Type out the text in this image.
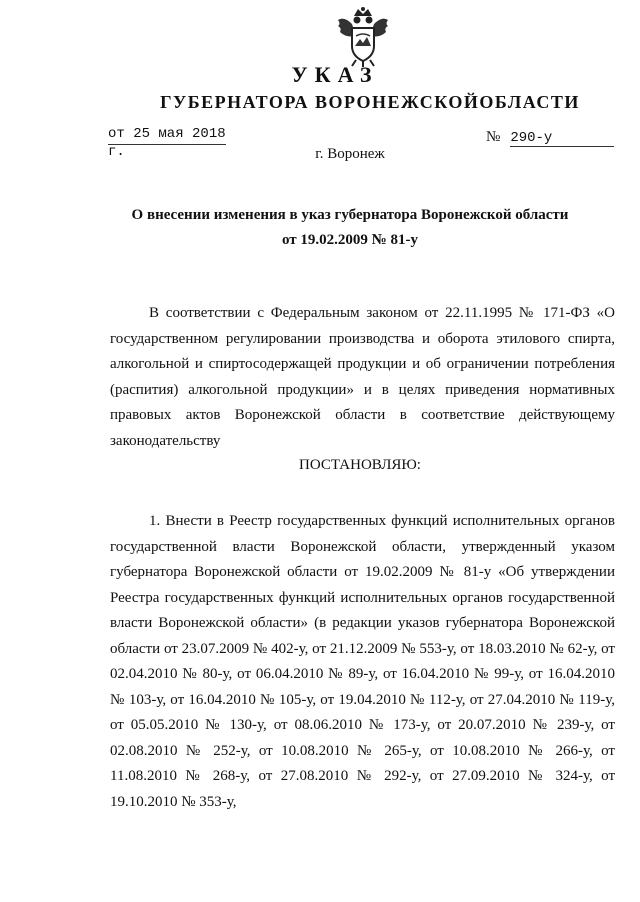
УКАЗ
ГУБЕРНАТОРА ВОРОНЕЖСКОЙОБЛАСТИ
от 25 мая 2018 г.
№ 290-у
г. Воронеж
О внесении изменения в указ губернатора Воронежской области
от 19.02.2009 № 81-у
В соответствии с Федеральным законом от 22.11.1995 № 171-ФЗ «О государственном регулировании производства и оборота этилового спирта, алкогольной и спиртосодержащей продукции и об ограничении потребления (распития) алкогольной продукции» и в целях приведения нормативных правовых актов Воронежской области в соответствие действующему законодательству
ПОСТАНОВЛЯЮ:
1. Внести в Реестр государственных функций исполнительных органов государственной власти Воронежской области, утвержденный указом губернатора Воронежской области от 19.02.2009 № 81-у «Об утверждении Реестра государственных функций исполнительных органов государственной власти Воронежской области» (в редакции указов губернатора Воронежской области от 23.07.2009 № 402-у, от 21.12.2009 № 553-у, от 18.03.2010 № 62-у, от 02.04.2010 № 80-у, от 06.04.2010 № 89-у, от 16.04.2010 № 99-у, от 16.04.2010 № 103-у, от 16.04.2010 № 105-у, от 19.04.2010 № 112-у, от 27.04.2010 № 119-у, от 05.05.2010 № 130-у, от 08.06.2010 № 173-у, от 20.07.2010 № 239-у, от 02.08.2010 № 252-у, от 10.08.2010 № 265-у, от 10.08.2010 № 266-у, от 11.08.2010 № 268-у, от 27.08.2010 № 292-у, от 27.09.2010 № 324-у, от 19.10.2010 № 353-у,
